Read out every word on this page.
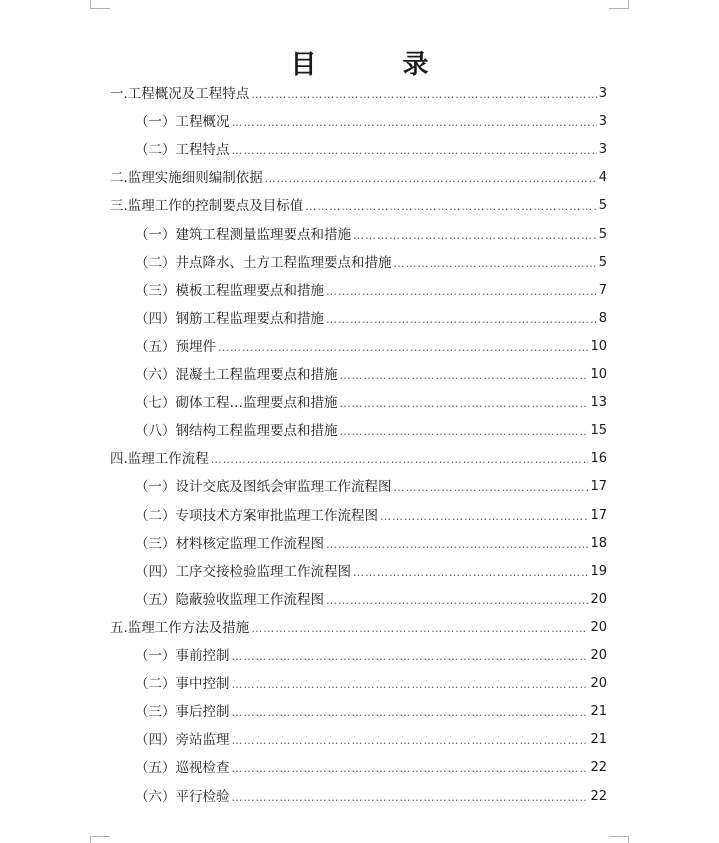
目　录
一.工程概况及工程特点 …………………………………………………………………………………………………………………………………………………………………………	3
（一）工程概况 …………………………………………………………………………………………………………………………………………………………………………	3
（二）工程特点 …………………………………………………………………………………………………………………………………………………………………………	3
二.监理实施细则编制依据 …………………………………………………………………………………………………………………………………………………………………………	4
三.监理工作的控制要点及目标值 …………………………………………………………………………………………………………………………………………………………………………	5
（一）建筑工程测量监理要点和措施 …………………………………………………………………………………………………………………………………………………………………………	5
（二）井点降水、土方工程监理要点和措施 …………………………………………………………………………………………………………………………………………………………………………	5
（三）模板工程监理要点和措施 …………………………………………………………………………………………………………………………………………………………………………	7
（四）钢筋工程监理要点和措施 …………………………………………………………………………………………………………………………………………………………………………	8
（五）预埋件 …………………………………………………………………………………………………………………………………………………………………………	10
（六）混凝土工程监理要点和措施 …………………………………………………………………………………………………………………………………………………………………………	10
（七）砌体工程…监理要点和措施 …………………………………………………………………………………………………………………………………………………………………………	13
（八）钢结构工程监理要点和措施 …………………………………………………………………………………………………………………………………………………………………………	15
四.监理工作流程 …………………………………………………………………………………………………………………………………………………………………………	16
（一）设计交底及图纸会审监理工作流程图 …………………………………………………………………………………………………………………………………………………………………………	17
（二）专项技术方案审批监理工作流程图 …………………………………………………………………………………………………………………………………………………………………………	17
（三）材料核定监理工作流程图 …………………………………………………………………………………………………………………………………………………………………………	18
（四）工序交接检验监理工作流程图 …………………………………………………………………………………………………………………………………………………………………………	19
（五）隐蔽验收监理工作流程图 …………………………………………………………………………………………………………………………………………………………………………	20
五.监理工作方法及措施 …………………………………………………………………………………………………………………………………………………………………………	20
（一）事前控制 …………………………………………………………………………………………………………………………………………………………………………	20
（二）事中控制 …………………………………………………………………………………………………………………………………………………………………………	20
（三）事后控制 …………………………………………………………………………………………………………………………………………………………………………	21
（四）旁站监理 …………………………………………………………………………………………………………………………………………………………………………	21
（五）巡视检查 …………………………………………………………………………………………………………………………………………………………………………	22
（六）平行检验 …………………………………………………………………………………………………………………………………………………………………………	22
